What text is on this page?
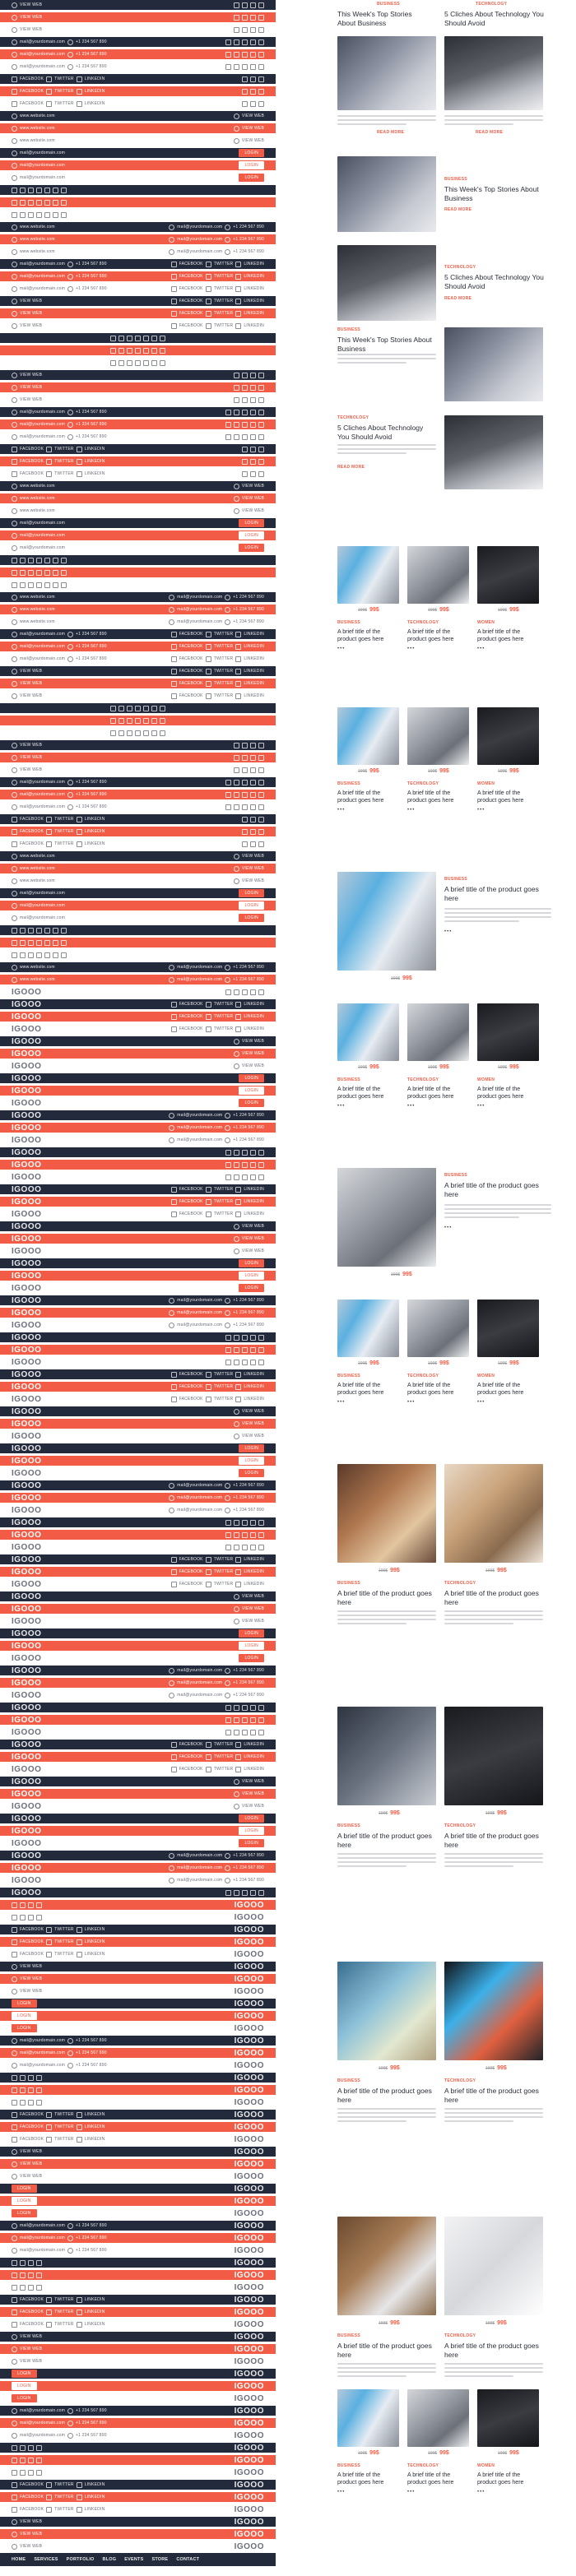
VIEW WEB
VIEW WEB
VIEW WEB
mail@yourdomain.com	+1 234 567 890
mail@yourdomain.com	+1 234 567 890
mail@yourdomain.com	+1 234 567 890
FACEBOOK	TWITTER	LINKEDIN
FACEBOOK	TWITTER	LINKEDIN
FACEBOOK	TWITTER	LINKEDIN
www.website.com	VIEW WEB
www.website.com	VIEW WEB
www.website.com	VIEW WEB
mail@yourdomain.com	LOGIN
mail@yourdomain.com	LOGIN
mail@yourdomain.com	LOGIN
www.website.com	mail@yourdomain.com	+1 234 567 890
www.website.com	mail@yourdomain.com	+1 234 567 890
www.website.com	mail@yourdomain.com	+1 234 567 890
mail@yourdomain.com	+1 234 567 890	FACEBOOK	TWITTER	LINKEDIN
mail@yourdomain.com	+1 234 567 890	FACEBOOK	TWITTER	LINKEDIN
mail@yourdomain.com	+1 234 567 890	FACEBOOK	TWITTER	LINKEDIN
VIEW WEB	FACEBOOK	TWITTER	LINKEDIN
VIEW WEB	FACEBOOK	TWITTER	LINKEDIN
VIEW WEB	FACEBOOK	TWITTER	LINKEDIN
VIEW WEB
VIEW WEB
VIEW WEB
mail@yourdomain.com	+1 234 567 890
mail@yourdomain.com	+1 234 567 890
mail@yourdomain.com	+1 234 567 890
FACEBOOK	TWITTER	LINKEDIN
FACEBOOK	TWITTER	LINKEDIN
FACEBOOK	TWITTER	LINKEDIN
www.website.com	VIEW WEB
www.website.com	VIEW WEB
www.website.com	VIEW WEB
mail@yourdomain.com	LOGIN
mail@yourdomain.com	LOGIN
mail@yourdomain.com	LOGIN
www.website.com	mail@yourdomain.com	+1 234 567 890
www.website.com	mail@yourdomain.com	+1 234 567 890
www.website.com	mail@yourdomain.com	+1 234 567 890
mail@yourdomain.com	+1 234 567 890	FACEBOOK	TWITTER	LINKEDIN
mail@yourdomain.com	+1 234 567 890	FACEBOOK	TWITTER	LINKEDIN
mail@yourdomain.com	+1 234 567 890	FACEBOOK	TWITTER	LINKEDIN
VIEW WEB	FACEBOOK	TWITTER	LINKEDIN
VIEW WEB	FACEBOOK	TWITTER	LINKEDIN
VIEW WEB	FACEBOOK	TWITTER	LINKEDIN
VIEW WEB
VIEW WEB
VIEW WEB
mail@yourdomain.com	+1 234 567 890
mail@yourdomain.com	+1 234 567 890
mail@yourdomain.com	+1 234 567 890
FACEBOOK	TWITTER	LINKEDIN
FACEBOOK	TWITTER	LINKEDIN
FACEBOOK	TWITTER	LINKEDIN
www.website.com	VIEW WEB
www.website.com	VIEW WEB
www.website.com	VIEW WEB
mail@yourdomain.com	LOGIN
mail@yourdomain.com	LOGIN
mail@yourdomain.com	LOGIN
www.website.com	mail@yourdomain.com	+1 234 567 890
www.website.com	mail@yourdomain.com	+1 234 567 890
IGOOO
IGOOO	FACEBOOK	TWITTER	LINKEDIN
IGOOO	FACEBOOK	TWITTER	LINKEDIN
IGOOO	FACEBOOK	TWITTER	LINKEDIN
IGOOO	VIEW WEB
IGOOO	VIEW WEB
IGOOO	VIEW WEB
IGOOO	LOGIN
IGOOO	LOGIN
IGOOO	LOGIN
IGOOO	mail@yourdomain.com	+1 234 567 890
IGOOO	mail@yourdomain.com	+1 234 567 890
IGOOO	mail@yourdomain.com	+1 234 567 890
IGOOO
IGOOO
IGOOO
IGOOO	FACEBOOK	TWITTER	LINKEDIN
IGOOO	FACEBOOK	TWITTER	LINKEDIN
IGOOO	FACEBOOK	TWITTER	LINKEDIN
IGOOO	VIEW WEB
IGOOO	VIEW WEB
IGOOO	VIEW WEB
IGOOO	LOGIN
IGOOO	LOGIN
IGOOO	LOGIN
IGOOO	mail@yourdomain.com	+1 234 567 890
IGOOO	mail@yourdomain.com	+1 234 567 890
IGOOO	mail@yourdomain.com	+1 234 567 890
IGOOO
IGOOO
IGOOO
IGOOO	FACEBOOK	TWITTER	LINKEDIN
IGOOO	FACEBOOK	TWITTER	LINKEDIN
IGOOO	FACEBOOK	TWITTER	LINKEDIN
IGOOO	VIEW WEB
IGOOO	VIEW WEB
IGOOO	VIEW WEB
IGOOO	LOGIN
IGOOO	LOGIN
IGOOO	LOGIN
IGOOO	mail@yourdomain.com	+1 234 567 890
IGOOO	mail@yourdomain.com	+1 234 567 890
IGOOO	mail@yourdomain.com	+1 234 567 890
IGOOO
IGOOO
IGOOO
IGOOO	FACEBOOK	TWITTER	LINKEDIN
IGOOO	FACEBOOK	TWITTER	LINKEDIN
IGOOO	FACEBOOK	TWITTER	LINKEDIN
IGOOO	VIEW WEB
IGOOO	VIEW WEB
IGOOO	VIEW WEB
IGOOO	LOGIN
IGOOO	LOGIN
IGOOO	LOGIN
IGOOO	mail@yourdomain.com	+1 234 567 890
IGOOO	mail@yourdomain.com	+1 234 567 890
IGOOO	mail@yourdomain.com	+1 234 567 890
IGOOO
IGOOO
IGOOO
IGOOO	FACEBOOK	TWITTER	LINKEDIN
IGOOO	FACEBOOK	TWITTER	LINKEDIN
IGOOO	FACEBOOK	TWITTER	LINKEDIN
IGOOO	VIEW WEB
IGOOO	VIEW WEB
IGOOO	VIEW WEB
IGOOO	LOGIN
IGOOO	LOGIN
IGOOO	LOGIN
IGOOO	mail@yourdomain.com	+1 234 567 890
IGOOO	mail@yourdomain.com	+1 234 567 890
IGOOO	mail@yourdomain.com	+1 234 567 890
IGOOO
IGOOO
IGOOO
FACEBOOK	TWITTER	LINKEDIN	IGOOO
FACEBOOK	TWITTER	LINKEDIN	IGOOO
FACEBOOK	TWITTER	LINKEDIN	IGOOO
VIEW WEB	IGOOO
VIEW WEB	IGOOO
VIEW WEB	IGOOO
LOGIN	IGOOO
LOGIN	IGOOO
LOGIN	IGOOO
mail@yourdomain.com	+1 234 567 890	IGOOO
mail@yourdomain.com	+1 234 567 890	IGOOO
mail@yourdomain.com	+1 234 567 890	IGOOO
IGOOO
IGOOO
IGOOO
FACEBOOK	TWITTER	LINKEDIN	IGOOO
FACEBOOK	TWITTER	LINKEDIN	IGOOO
FACEBOOK	TWITTER	LINKEDIN	IGOOO
VIEW WEB	IGOOO
VIEW WEB	IGOOO
VIEW WEB	IGOOO
LOGIN	IGOOO
LOGIN	IGOOO
LOGIN	IGOOO
mail@yourdomain.com	+1 234 567 890	IGOOO
mail@yourdomain.com	+1 234 567 890	IGOOO
mail@yourdomain.com	+1 234 567 890	IGOOO
IGOOO
IGOOO
IGOOO
FACEBOOK	TWITTER	LINKEDIN	IGOOO
FACEBOOK	TWITTER	LINKEDIN	IGOOO
FACEBOOK	TWITTER	LINKEDIN	IGOOO
VIEW WEB	IGOOO
VIEW WEB	IGOOO
VIEW WEB	IGOOO
LOGIN	IGOOO
LOGIN	IGOOO
LOGIN	IGOOO
mail@yourdomain.com	+1 234 567 890	IGOOO
mail@yourdomain.com	+1 234 567 890	IGOOO
mail@yourdomain.com	+1 234 567 890	IGOOO
IGOOO
IGOOO
IGOOO
FACEBOOK	TWITTER	LINKEDIN	IGOOO
FACEBOOK	TWITTER	LINKEDIN	IGOOO
FACEBOOK	TWITTER	LINKEDIN	IGOOO
VIEW WEB	IGOOO
VIEW WEB	IGOOO
VIEW WEB	IGOOO
HOME SERVICES PORTFOLIO BLOG EVENTS STORE CONTACT
BUSINESS
This Week's Top Stories About Business
TECHNOLOGY
5 Cliches About Technology You Should Avoid
READ MORE	READ MORE
BUSINESS
This Week's Top Stories About Business
READ MORE
TECHNOLOGY
5 Cliches About Technology You Should Avoid
READ MORE
BUSINESS
This Week's Top Stories About Business
TECHNOLOGY
5 Cliches About Technology You Should Avoid
READ MORE
199$ 99$
BUSINESS
A brief title of the product goes here
•••
199$ 99$
TECHNOLOGY
A brief title of the product goes here
•••
199$ 99$
WOMEN
A brief title of the product goes here
•••
199$ 99$
BUSINESS
A brief title of the product goes here
•••
199$ 99$
TECHNOLOGY
A brief title of the product goes here
•••
199$ 99$
WOMEN
A brief title of the product goes here
•••
199$ 99$
BUSINESS
A brief title of the product goes here
•••
199$ 99$
BUSINESS
A brief title of the product goes here
•••
199$ 99$
TECHNOLOGY
A brief title of the product goes here
•••
199$ 99$
WOMEN
A brief title of the product goes here
•••
199$ 99$
BUSINESS
A brief title of the product goes here
•••
199$ 99$
BUSINESS
A brief title of the product goes here
•••
199$ 99$
TECHNOLOGY
A brief title of the product goes here
•••
199$ 99$
WOMEN
A brief title of the product goes here
•••
199$ 99$	199$ 99$
BUSINESS	TECHNOLOGY
A brief title of the product goes here
A brief title of the product goes here
199$ 99$	199$ 99$
BUSINESS	TECHNOLOGY
A brief title of the product goes here
A brief title of the product goes here
199$ 99$	199$ 99$
BUSINESS	TECHNOLOGY
A brief title of the product goes here
A brief title of the product goes here
199$ 99$	199$ 99$
BUSINESS	TECHNOLOGY
A brief title of the product goes here
A brief title of the product goes here
199$ 99$
BUSINESS
A brief title of the product goes here
•••
199$ 99$
TECHNOLOGY
A brief title of the product goes here
•••
199$ 99$
WOMEN
A brief title of the product goes here
•••
